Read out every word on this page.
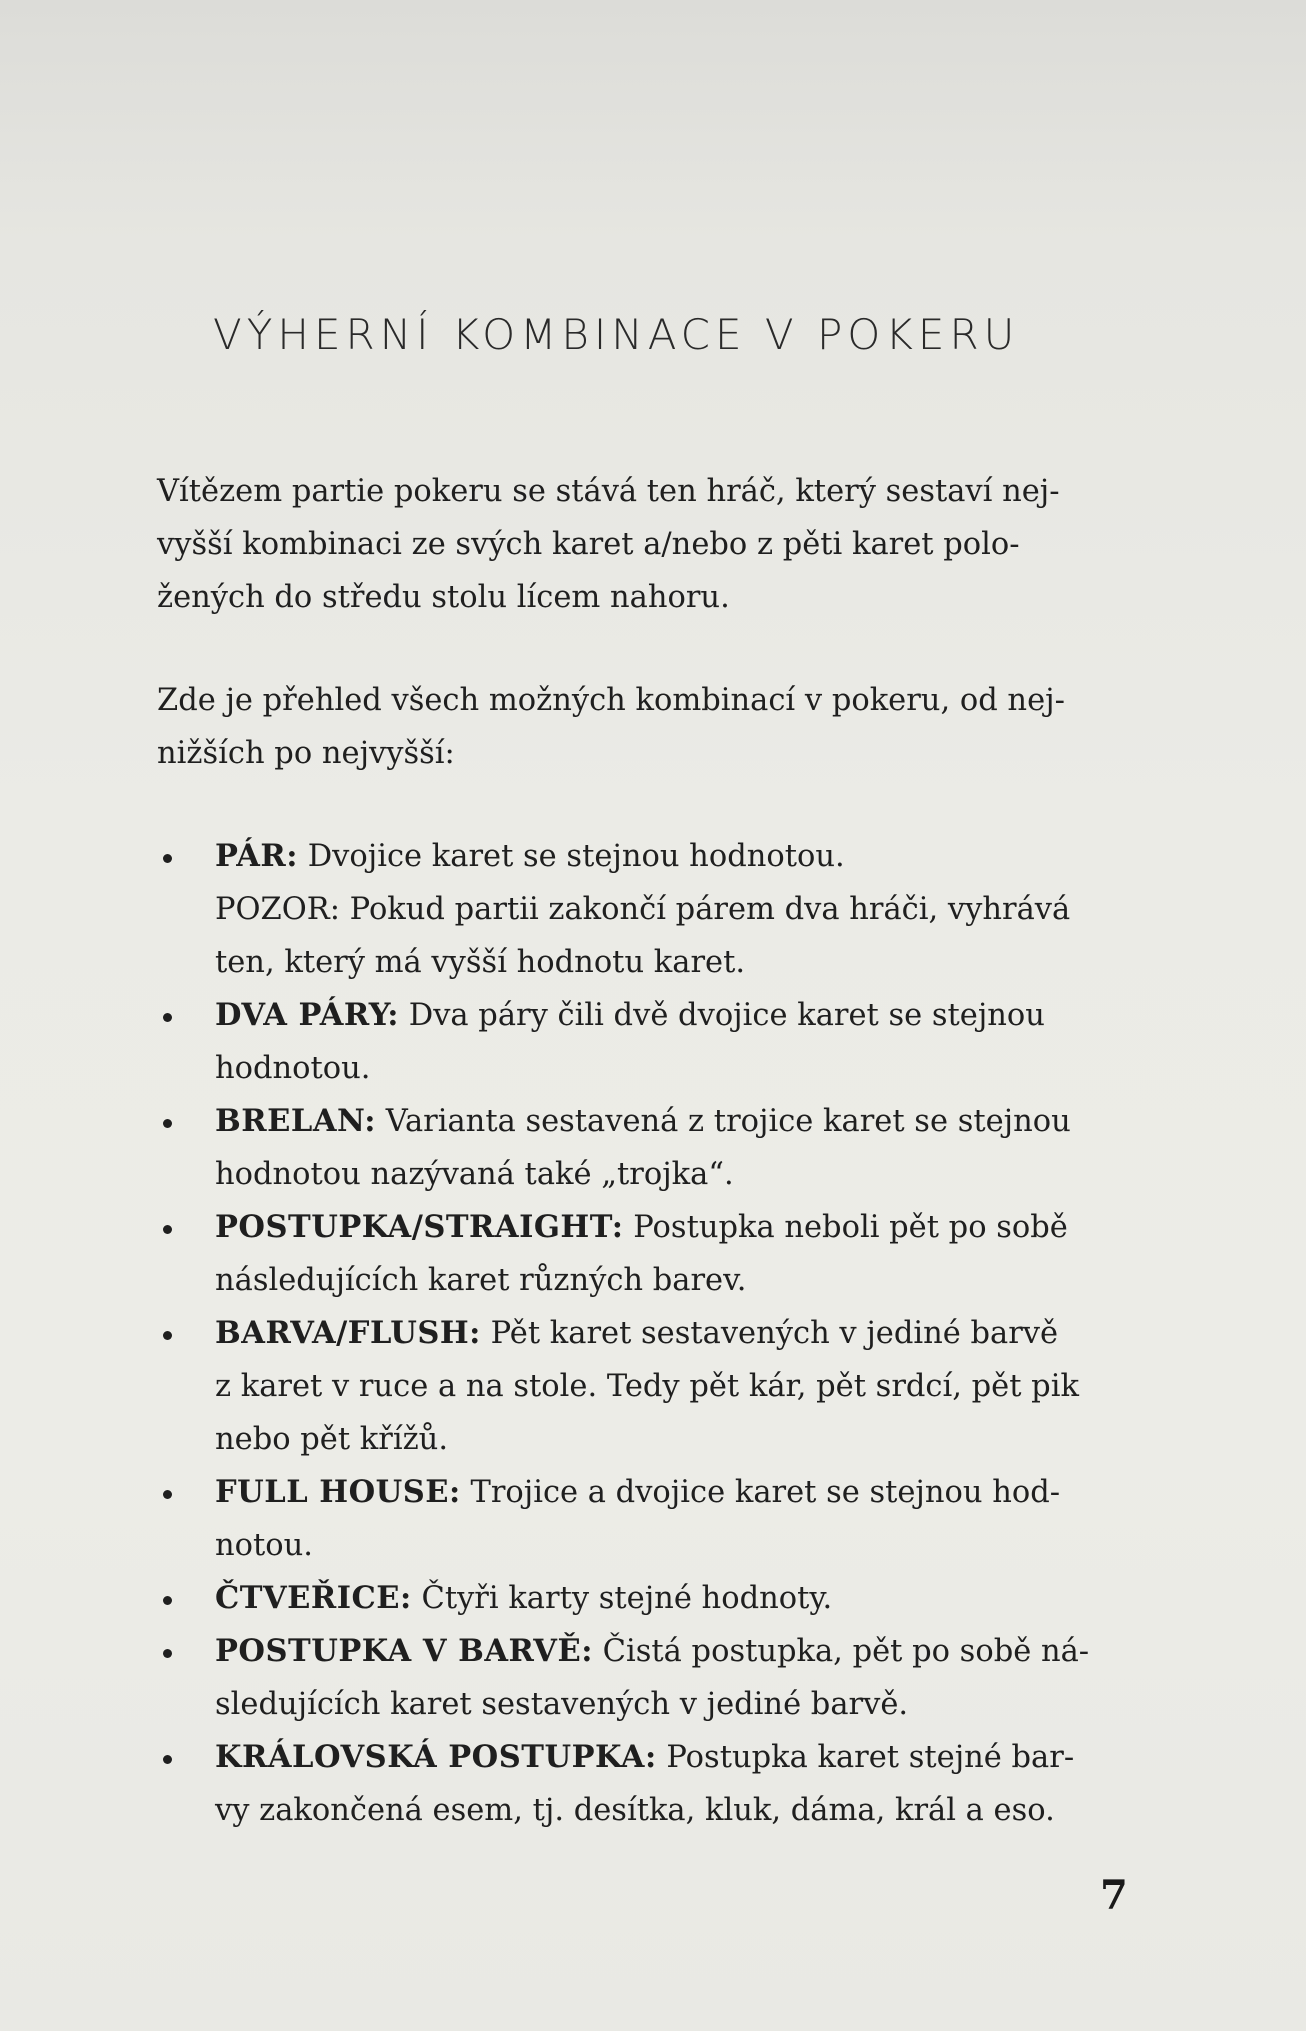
VÝHERNÍ KOMBINACE V POKERU

Vítězem partie pokeru se stává ten hráč, který sestaví nej-
vyšší kombinaci ze svých karet a/nebo z pěti karet polo-
žených do středu stolu lícem nahoru.

Zde je přehled všech možných kombinací v pokeru, od nej-
nižších po nejvyšší:

PÁR: Dvojice karet se stejnou hodnotou.
POZOR: Pokud partii zakončí párem dva hráči, vyhrává
ten, který má vyšší hodnotu karet.
DVA PÁRY: Dva páry čili dvě dvojice karet se stejnou
hodnotou.
BRELAN: Varianta sestavená z trojice karet se stejnou
hodnotou nazývaná také „trojka“.
POSTUPKA/STRAIGHT: Postupka neboli pět po sobě
následujících karet různých barev.
BARVA/FLUSH: Pět karet sestavených v jediné barvě
z karet v ruce a na stole. Tedy pět kár, pět srdcí, pět pik
nebo pět křížů.
FULL HOUSE: Trojice a dvojice karet se stejnou hod-
notou.
ČTVEŘICE: Čtyři karty stejné hodnoty.
POSTUPKA V BARVĚ: Čistá postupka, pět po sobě ná-
sledujících karet sestavených v jediné barvě.
KRÁLOVSKÁ POSTUPKA: Postupka karet stejné bar-
vy zakončená esem, tj. desítka, kluk, dáma, král a eso.
7
